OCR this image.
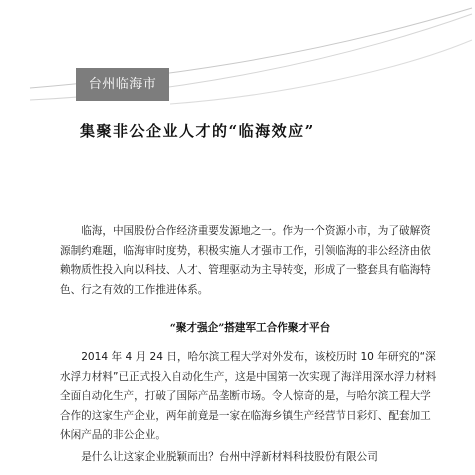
台州临海市
集聚非公企业人才的“临海效应”

临海，中国股份合作经济重要发源地之一。作为一个资源小市，为了破解资源制约难题，临海审时度势，积极实施人才强市工作，引领临海的非公经济由依赖物质性投入向以科技、人才、管理驱动为主导转变，形成了一整套具有临海特色、行之有效的工作推进体系。

“聚才强企”搭建军工合作聚才平台

2014 年 4 月 24 日，哈尔滨工程大学对外发布，该校历时 10 年研究的“深水浮力材料”已正式投入自动化生产，这是中国第一次实现了海洋用深水浮力材料全面自动化生产，打破了国际产品垄断市场。令人惊奇的是，与哈尔滨工程大学合作的这家生产企业，两年前竟是一家在临海乡镇生产经营节日彩灯、配套加工休闲产品的非公企业。

是什么让这家企业脱颖而出？台州中浮新材料科技股份有限公司
